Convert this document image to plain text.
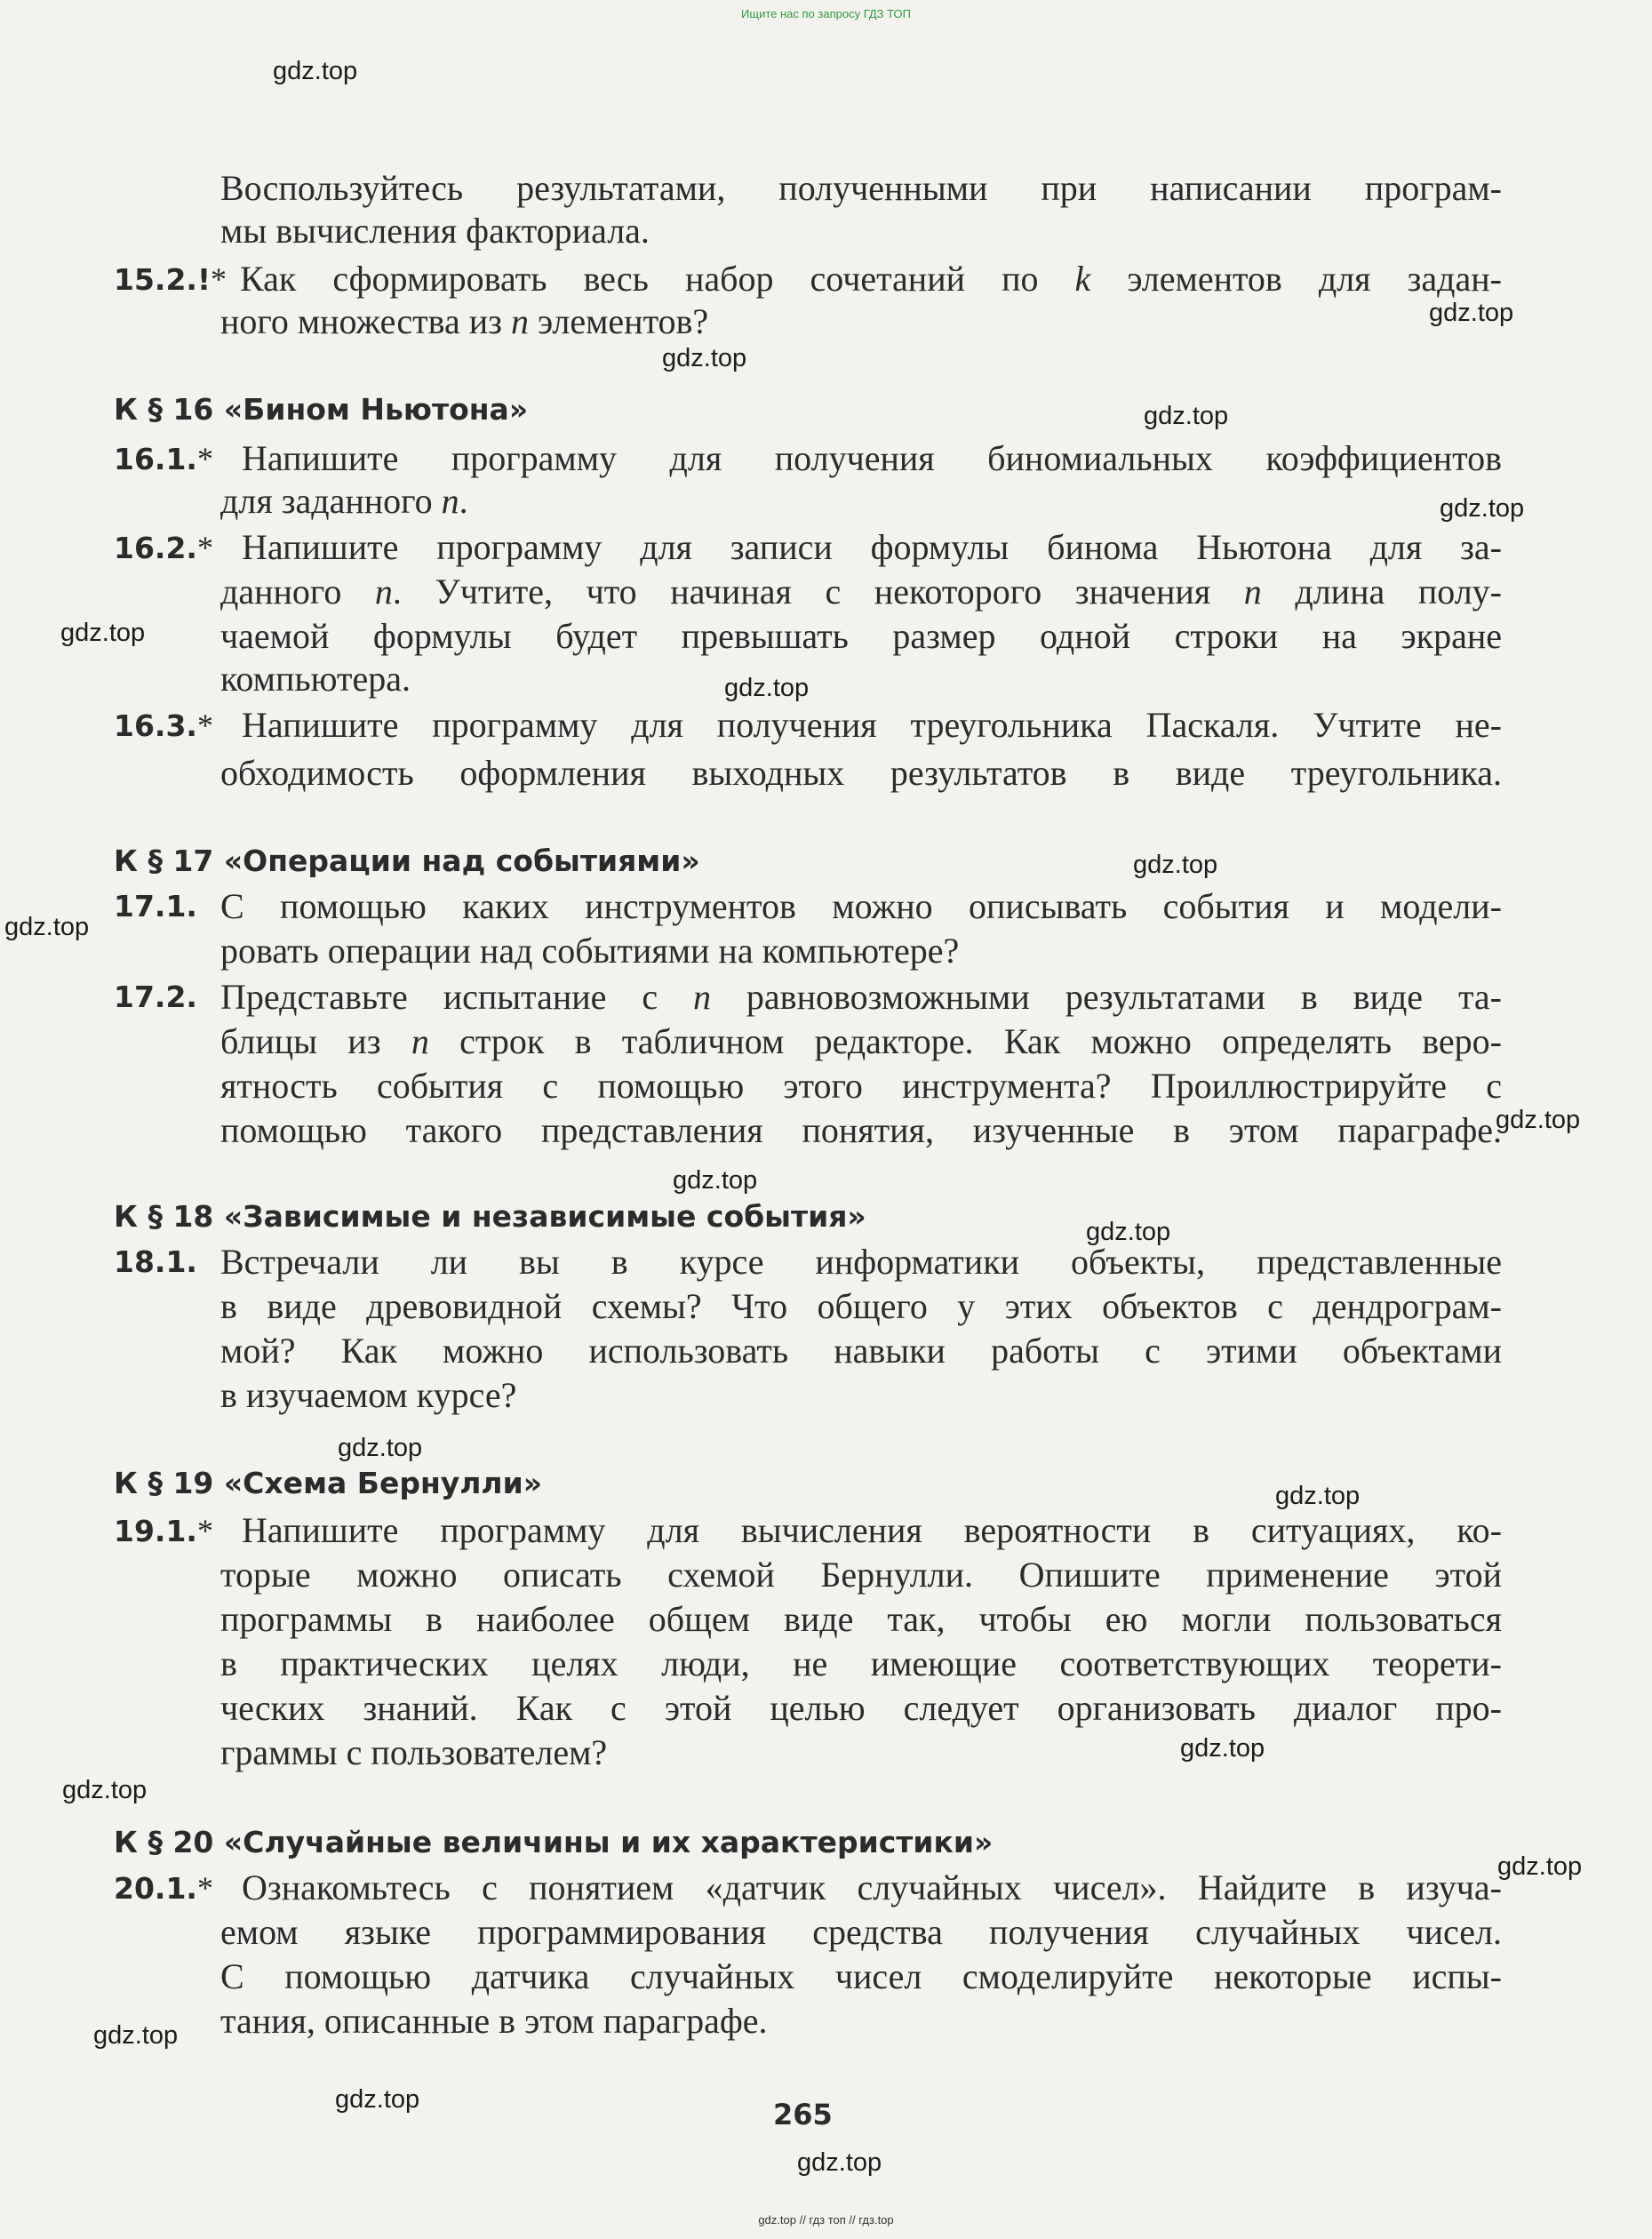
Ищите нас по запросу ГДЗ ТОП
gdz.top
gdz.top
gdz.top
gdz.top
gdz.top
gdz.top
gdz.top
gdz.top
gdz.top
gdz.top
gdz.top
gdz.top
gdz.top
gdz.top
gdz.top
gdz.top
gdz.top
gdz.top
gdz.top
gdz.top
Воспользуйтесь результатами, полученными при написании програм-
мы вычисления факториала.
15.2.!* Как сформировать весь набор сочетаний по k элементов для задан-
ного множества из n элементов?
К § 16 «Бином Ньютона»
16.1.* Напишите программу для получения биномиальных коэффициентов
для заданного n.
16.2.* Напишите программу для записи формулы бинома Ньютона для за-
данного n. Учтите, что начиная с некоторого значения n длина полу-
чаемой формулы будет превышать размер одной строки на экране
компьютера.
16.3.* Напишите программу для получения треугольника Паскаля. Учтите не-
обходимость оформления выходных результатов в виде треугольника.
К § 17 «Операции над событиями»
17.1. С помощью каких инструментов можно описывать события и модели-
ровать операции над событиями на компьютере?
17.2. Представьте испытание с n равновозможными результатами в виде та-
блицы из n строк в табличном редакторе. Как можно определять веро-
ятность события с помощью этого инструмента? Проиллюстрируйте с
помощью такого представления понятия, изученные в этом параграфе.
К § 18 «Зависимые и независимые события»
18.1. Встречали ли вы в курсе информатики объекты, представленные
в виде древовидной схемы? Что общего у этих объектов с дендрограм-
мой? Как можно использовать навыки работы с этими объектами
в изучаемом курсе?
К § 19 «Схема Бернулли»
19.1.* Напишите программу для вычисления вероятности в ситуациях, ко-
торые можно описать схемой Бернулли. Опишите применение этой
программы в наиболее общем виде так, чтобы ею могли пользоваться
в практических целях люди, не имеющие соответствующих теорети-
ческих знаний. Как с этой целью следует организовать диалог про-
граммы с пользователем?
К § 20 «Случайные величины и их характеристики»
20.1.* Ознакомьтесь с понятием «датчик случайных чисел». Найдите в изуча-
емом языке программирования средства получения случайных чисел.
С помощью датчика случайных чисел смоделируйте некоторые испы-
тания, описанные в этом параграфе.
265
gdz.top // гдз топ // гдз.top
